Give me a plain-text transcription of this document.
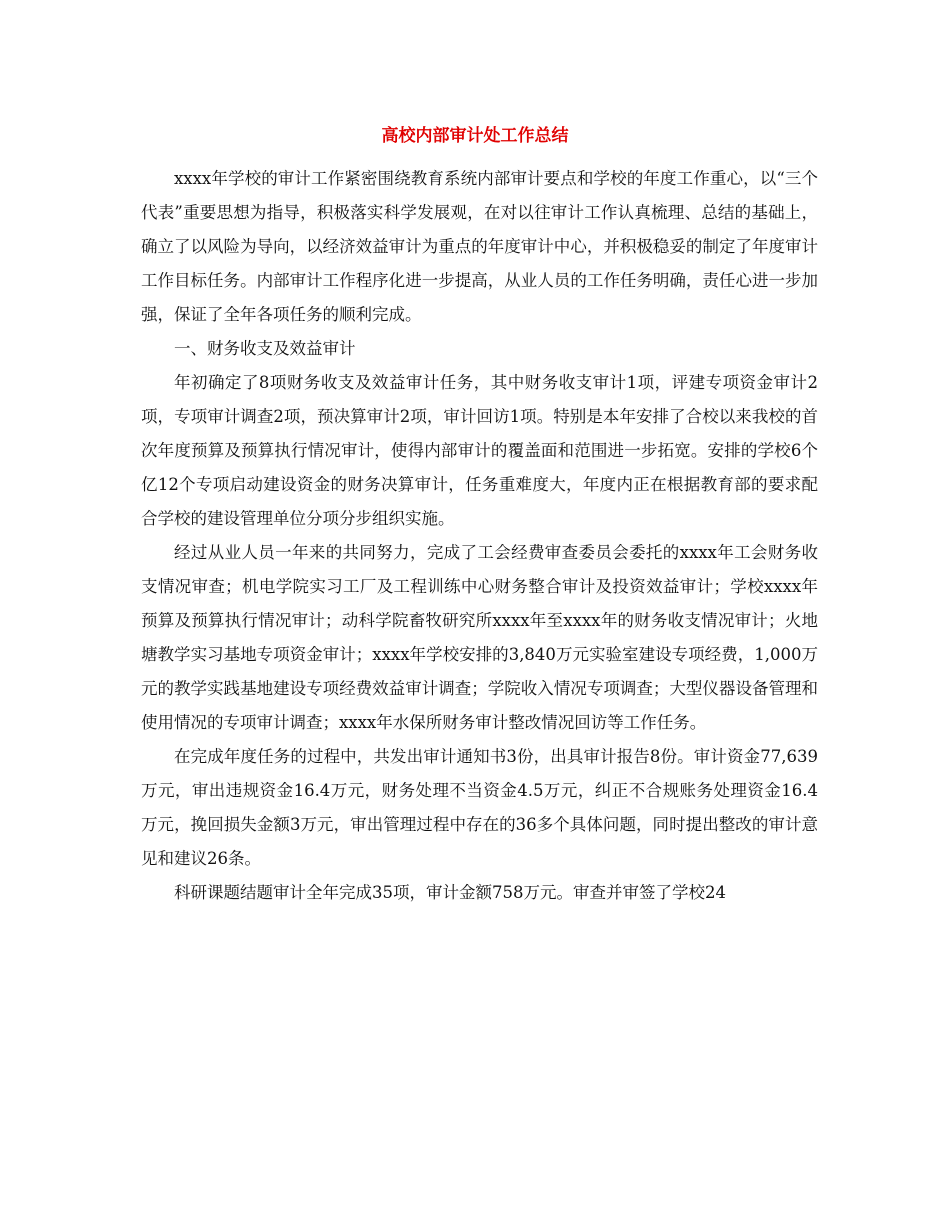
高校内部审计处工作总结

xxxx年学校的审计工作紧密围绕教育系统内部审计要点和学校的年度工作重心，以“三个代表”重要思想为指导，积极落实科学发展观，在对以往审计工作认真梳理、总结的基础上，确立了以风险为导向，以经济效益审计为重点的年度审计中心，并积极稳妥的制定了年度审计工作目标任务。内部审计工作程序化进一步提高，从业人员的工作任务明确，责任心进一步加强，保证了全年各项任务的顺利完成。

一、财务收支及效益审计

年初确定了8项财务收支及效益审计任务，其中财务收支审计1项，评建专项资金审计2项，专项审计调查2项，预决算审计2项，审计回访1项。特别是本年安排了合校以来我校的首次年度预算及预算执行情况审计，使得内部审计的覆盖面和范围进一步拓宽。安排的学校6个亿12个专项启动建设资金的财务决算审计，任务重难度大，年度内正在根据教育部的要求配合学校的建设管理单位分项分步组织实施。

经过从业人员一年来的共同努力，完成了工会经费审查委员会委托的xxxx年工会财务收支情况审查；机电学院实习工厂及工程训练中心财务整合审计及投资效益审计；学校xxxx年预算及预算执行情况审计；动科学院畜牧研究所xxxx年至xxxx年的财务收支情况审计；火地塘教学实习基地专项资金审计；xxxx年学校安排的3,840万元实验室建设专项经费，1,000万元的教学实践基地建设专项经费效益审计调查；学院收入情况专项调查；大型仪器设备管理和使用情况的专项审计调查；xxxx年水保所财务审计整改情况回访等工作任务。

在完成年度任务的过程中，共发出审计通知书3份，出具审计报告8份。审计资金77,639万元，审出违规资金16.4万元，财务处理不当资金4.5万元，纠正不合规账务处理资金16.4万元，挽回损失金额3万元，审出管理过程中存在的36多个具体问题，同时提出整改的审计意见和建议26条。

科研课题结题审计全年完成35项，审计金额758万元。审查并审签了学校24
